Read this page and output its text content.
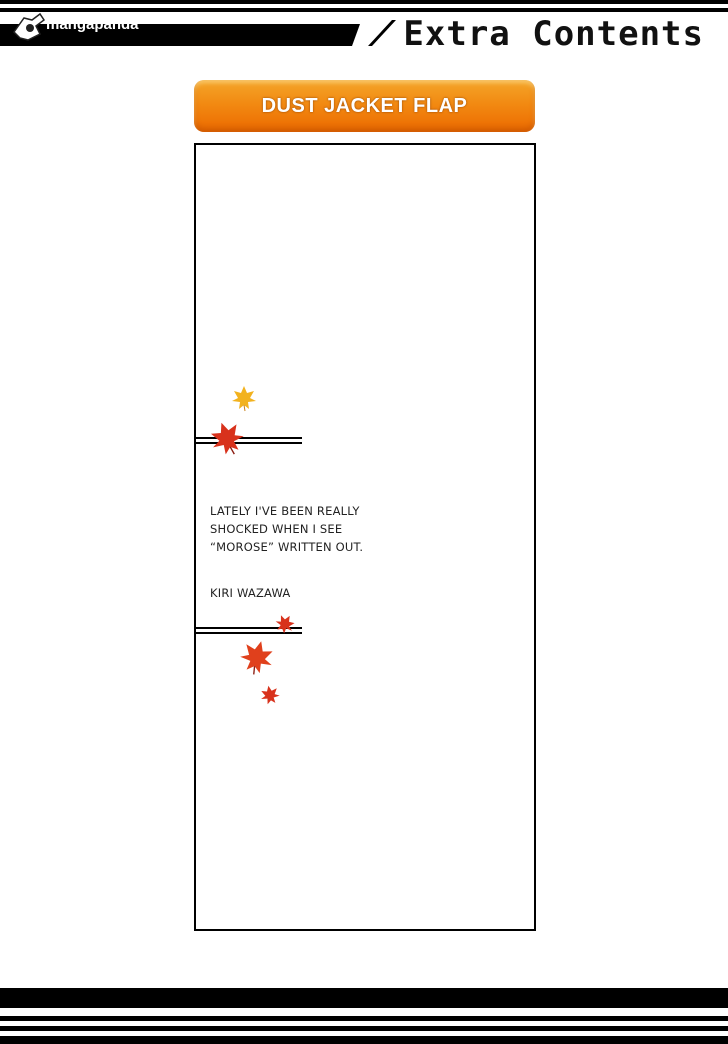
mangapanda	Extra Contents
DUST JACKET FLAP
LATELY I'VE BEEN REALLY
SHOCKED WHEN I SEE
“MOROSE” WRITTEN OUT.
KIRI WAZAWA
